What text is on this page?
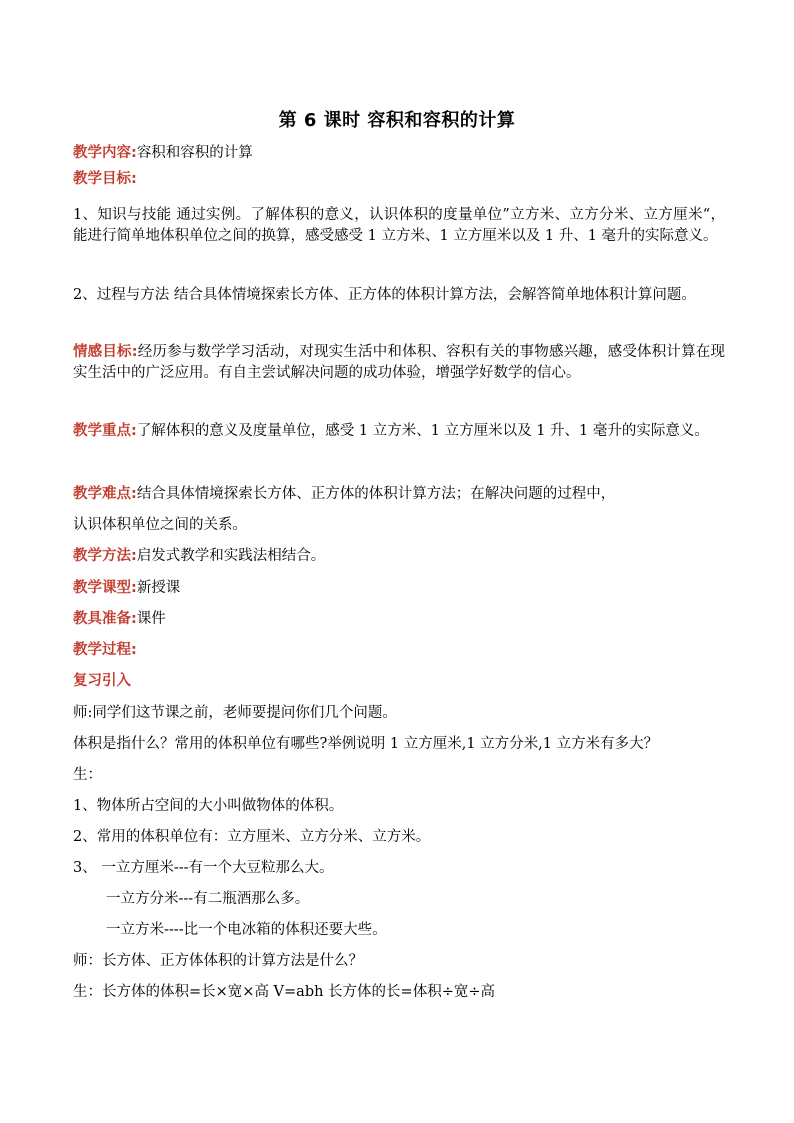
第 6 课时 容积和容积的计算
教学内容:容积和容积的计算
教学目标:
1、知识与技能 通过实例。了解体积的意义，认识体积的度量单位”立方米、立方分米、立方厘米“，能进行简单地体积单位之间的换算，感受感受 1 立方米、1 立方厘米以及 1 升、1 毫升的实际意义。
2、过程与方法 结合具体情境探索长方体、正方体的体积计算方法，会解答简单地体积计算问题。
情感目标:经历参与数学学习活动，对现实生活中和体积、容积有关的事物感兴趣，感受体积计算在现实生活中的广泛应用。有自主尝试解决问题的成功体验，增强学好数学的信心。
教学重点:了解体积的意义及度量单位，感受 1 立方米、1 立方厘米以及 1 升、1 毫升的实际意义。
教学难点:结合具体情境探索长方体、正方体的体积计算方法；在解决问题的过程中，
认识体积单位之间的关系。
教学方法:启发式教学和实践法相结合。
教学课型:新授课
教具准备:课件
教学过程:
复习引入
师:同学们这节课之前，老师要提问你们几个问题。
体积是指什么？常用的体积单位有哪些?举例说明 1 立方厘米,1 立方分米,1 立方米有多大？
生：
1、物体所占空间的大小叫做物体的体积。
2、常用的体积单位有：立方厘米、立方分米、立方米。
3、 一立方厘米---有一个大豆粒那么大。
一立方分米---有二瓶酒那么多。
一立方米----比一个电冰箱的体积还要大些。
师：长方体、正方体体积的计算方法是什么？
生：长方体的体积=长×宽×高 V=abh 长方体的长=体积÷宽÷高
